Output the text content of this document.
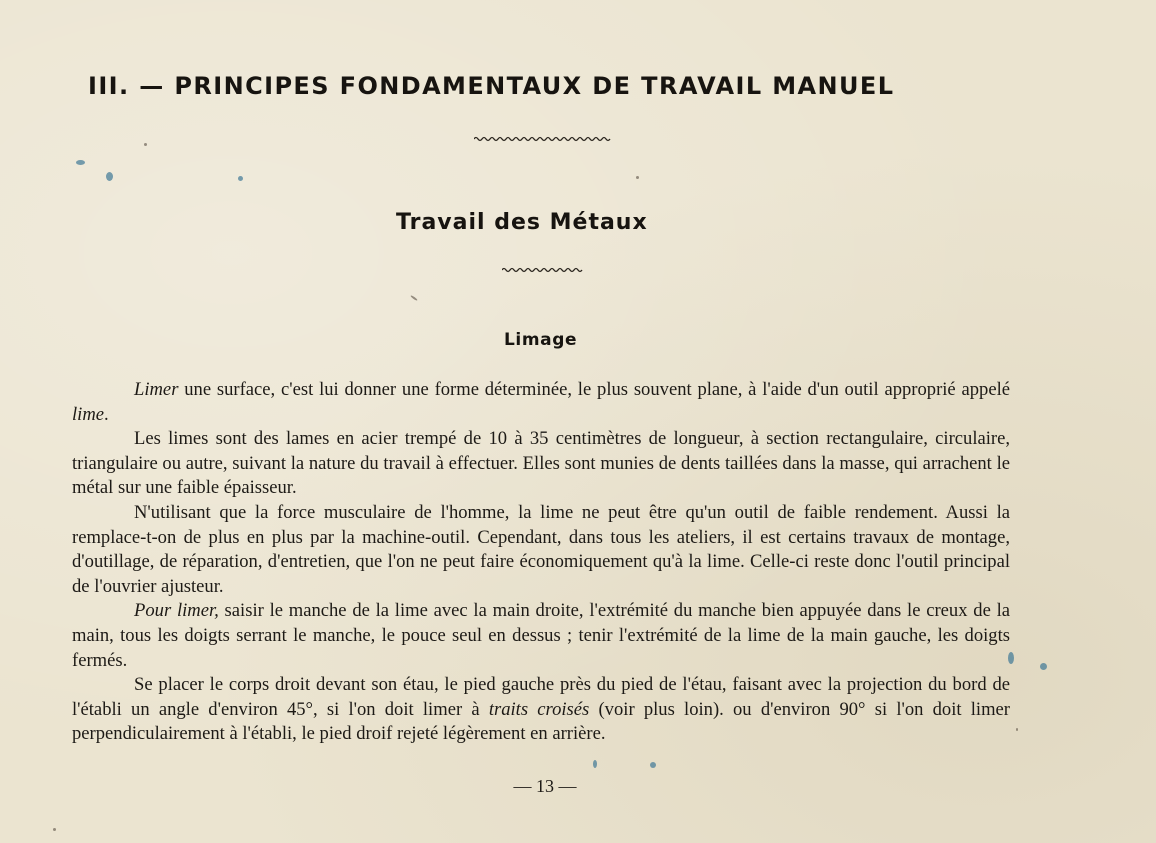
III. — PRINCIPES FONDAMENTAUX DE TRAVAIL MANUEL
Travail des Métaux
Limage

Limer une surface, c'est lui donner une forme déterminée, le plus souvent plane, à l'aide d'un outil approprié appelé lime.

Les limes sont des lames en acier trempé de 10 à 35 centimètres de longueur, à section rectangulaire, circulaire, triangulaire ou autre, suivant la nature du travail à effectuer. Elles sont munies de dents taillées dans la masse, qui arrachent le métal sur une faible épaisseur.

N'utilisant que la force musculaire de l'homme, la lime ne peut être qu'un outil de faible rendement. Aussi la remplace-t-on de plus en plus par la machine-outil. Cependant, dans tous les ateliers, il est certains travaux de montage, d'outillage, de réparation, d'entretien, que l'on ne peut faire économiquement qu'à la lime. Celle-ci reste donc l'outil principal de l'ouvrier ajusteur.

Pour limer, saisir le manche de la lime avec la main droite, l'extrémité du manche bien appuyée dans le creux de la main, tous les doigts serrant le manche, le pouce seul en dessus ; tenir l'extrémité de la lime de la main gauche, les doigts fermés.

Se placer le corps droit devant son étau, le pied gauche près du pied de l'étau, faisant avec la projection du bord de l'établi un angle d'environ 45°, si l'on doit limer à traits croisés (voir plus loin). ou d'environ 90° si l'on doit limer perpendiculairement à l'établi, le pied droif rejeté légèrement en arrière.

— 13 —
